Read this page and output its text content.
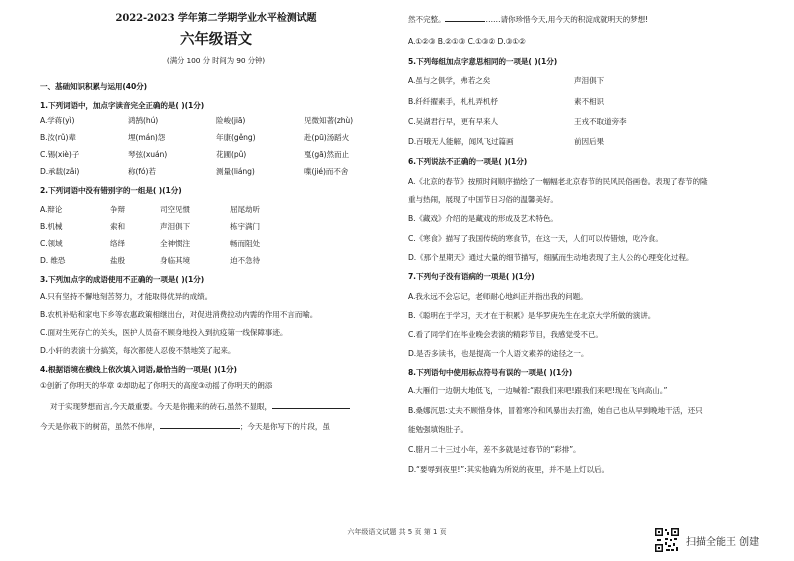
2022-2023 学年第二学期学业水平检测试题
六年级语文
(满分 100 分 时间为 90 分钟)
一、基础知识积累与运用(40分)
1.下列词语中，加点字读音完全正确的是( )(1分)
A.学蒋(yì)	鸿鹄(hú)	险峻(jiā)	见微知著(zhù)
B.汝(rǔ)辈	埋(mán)怨	年康(gěng)	赴(pū)汤蹈火
C.锡(xiè)子	琴弦(xuán)	花圃(pǔ)	戛(gā)然而止
D.承载(zǎi)	称(fó)若	测量(liáng)	喋(jié)而不舍
2.下列词语中没有错别字的一组是( )(1分)
A.辩论	争辩	司空见惯	屈尾劫听
B.机械	索和	声泪俱下	栋宇满门
C.领域	络绎	全神惯注	畅而阻处
D. 维恐	盐殷	身临其境	迫不急待
3.下列加点字的成语使用不正确的一项是( )(1分)
A.只有坚持不懈地刻苦努力，才能取得优异的成绩。
B.农机补贴和家电下乡等农惠政策相继出台，对促进消费拉动内需的作用不言而喻。
C.面对生死存亡的关头，医护人员奋不顾身地投入到抗疫第一线保障事迹。
D.小轩的表演十分搞笑，每次都使人忍俊不禁地笑了起来。
4.根据语境在横线上依次填入词语,最恰当的一项是( )(1分)
①创新了你明天的华章 ②却助起了你明天的高度③动摇了你明天的朗添
对于实现梦想而言,今天最重要。今天是你搬来的砖石,虽然不显眼，
今天是你栽下的树苗，虽然不伟岸，	；今天是你写下的片段，虽
然不完整。	……请你珍惜今天,用今天的积淀成就明天的梦想!
A.①②③ B.②①③ C.①③② D.③①②
5.下列每组加点字意思相同的一项是( )(1分)
A.虽与之俱学，弗若之矣	声泪俱下
B.纤纤擢素手，札札弄机杼	素不相识
C.吴湖君行早，更有早来人	王戎不取道旁李
D.百哦无人能解，闻风飞过篇画	前因后果
6.下列说法不正确的一项是( )(1分)
A.《北京的春节》按照时间顺序描绘了一幅幅老北京春节的民风民俗画卷。表现了春节的隆
重与热闹，展现了中国节日习俗的温馨美好。
B.《藏戏》介绍的是藏戏的形成及艺术特色。
C.《寒食》描写了我国传统的寒食节，在这一天，人们可以传错烛，吃冷食。
D.《那个星期天》通过大量的细节描写，细腻而生动地表现了主人公的心理变化过程。
7.下列句子没有语病的一项是( )(1分)
A.我永远不会忘记，老师耐心地纠正并指出我的问题。
B.《聪明在于学习，天才在于积累》是华罗庚先生在北京大学所做的演讲。
C.看了同学们在毕业晚会表演的精彩节目，我感觉受不已。
D.是否多读书，也是提高一个人语文素养的途径之一。
8.下列语句中使用标点符号有误的一项是( )(1分)
A.大雁们一边朝大地低飞，一边喊着:“跟我们来吧!跟我们来吧!现在飞向高山。”
B.桑娜沉思:丈夫不顾惜身体，冒着寒冷和风暴出去打渔，她自己也从早到晚地干活，还只
能勉强填饱肚子。
C.腊月二十三过小年，差不多就是过春节的“彩排”。
D.“要辱到夜里!”:其实他确为所说的夜里，并不是上灯以后。
六年级语文试题 共 5 页 第 1 页
扫描全能王 创建
